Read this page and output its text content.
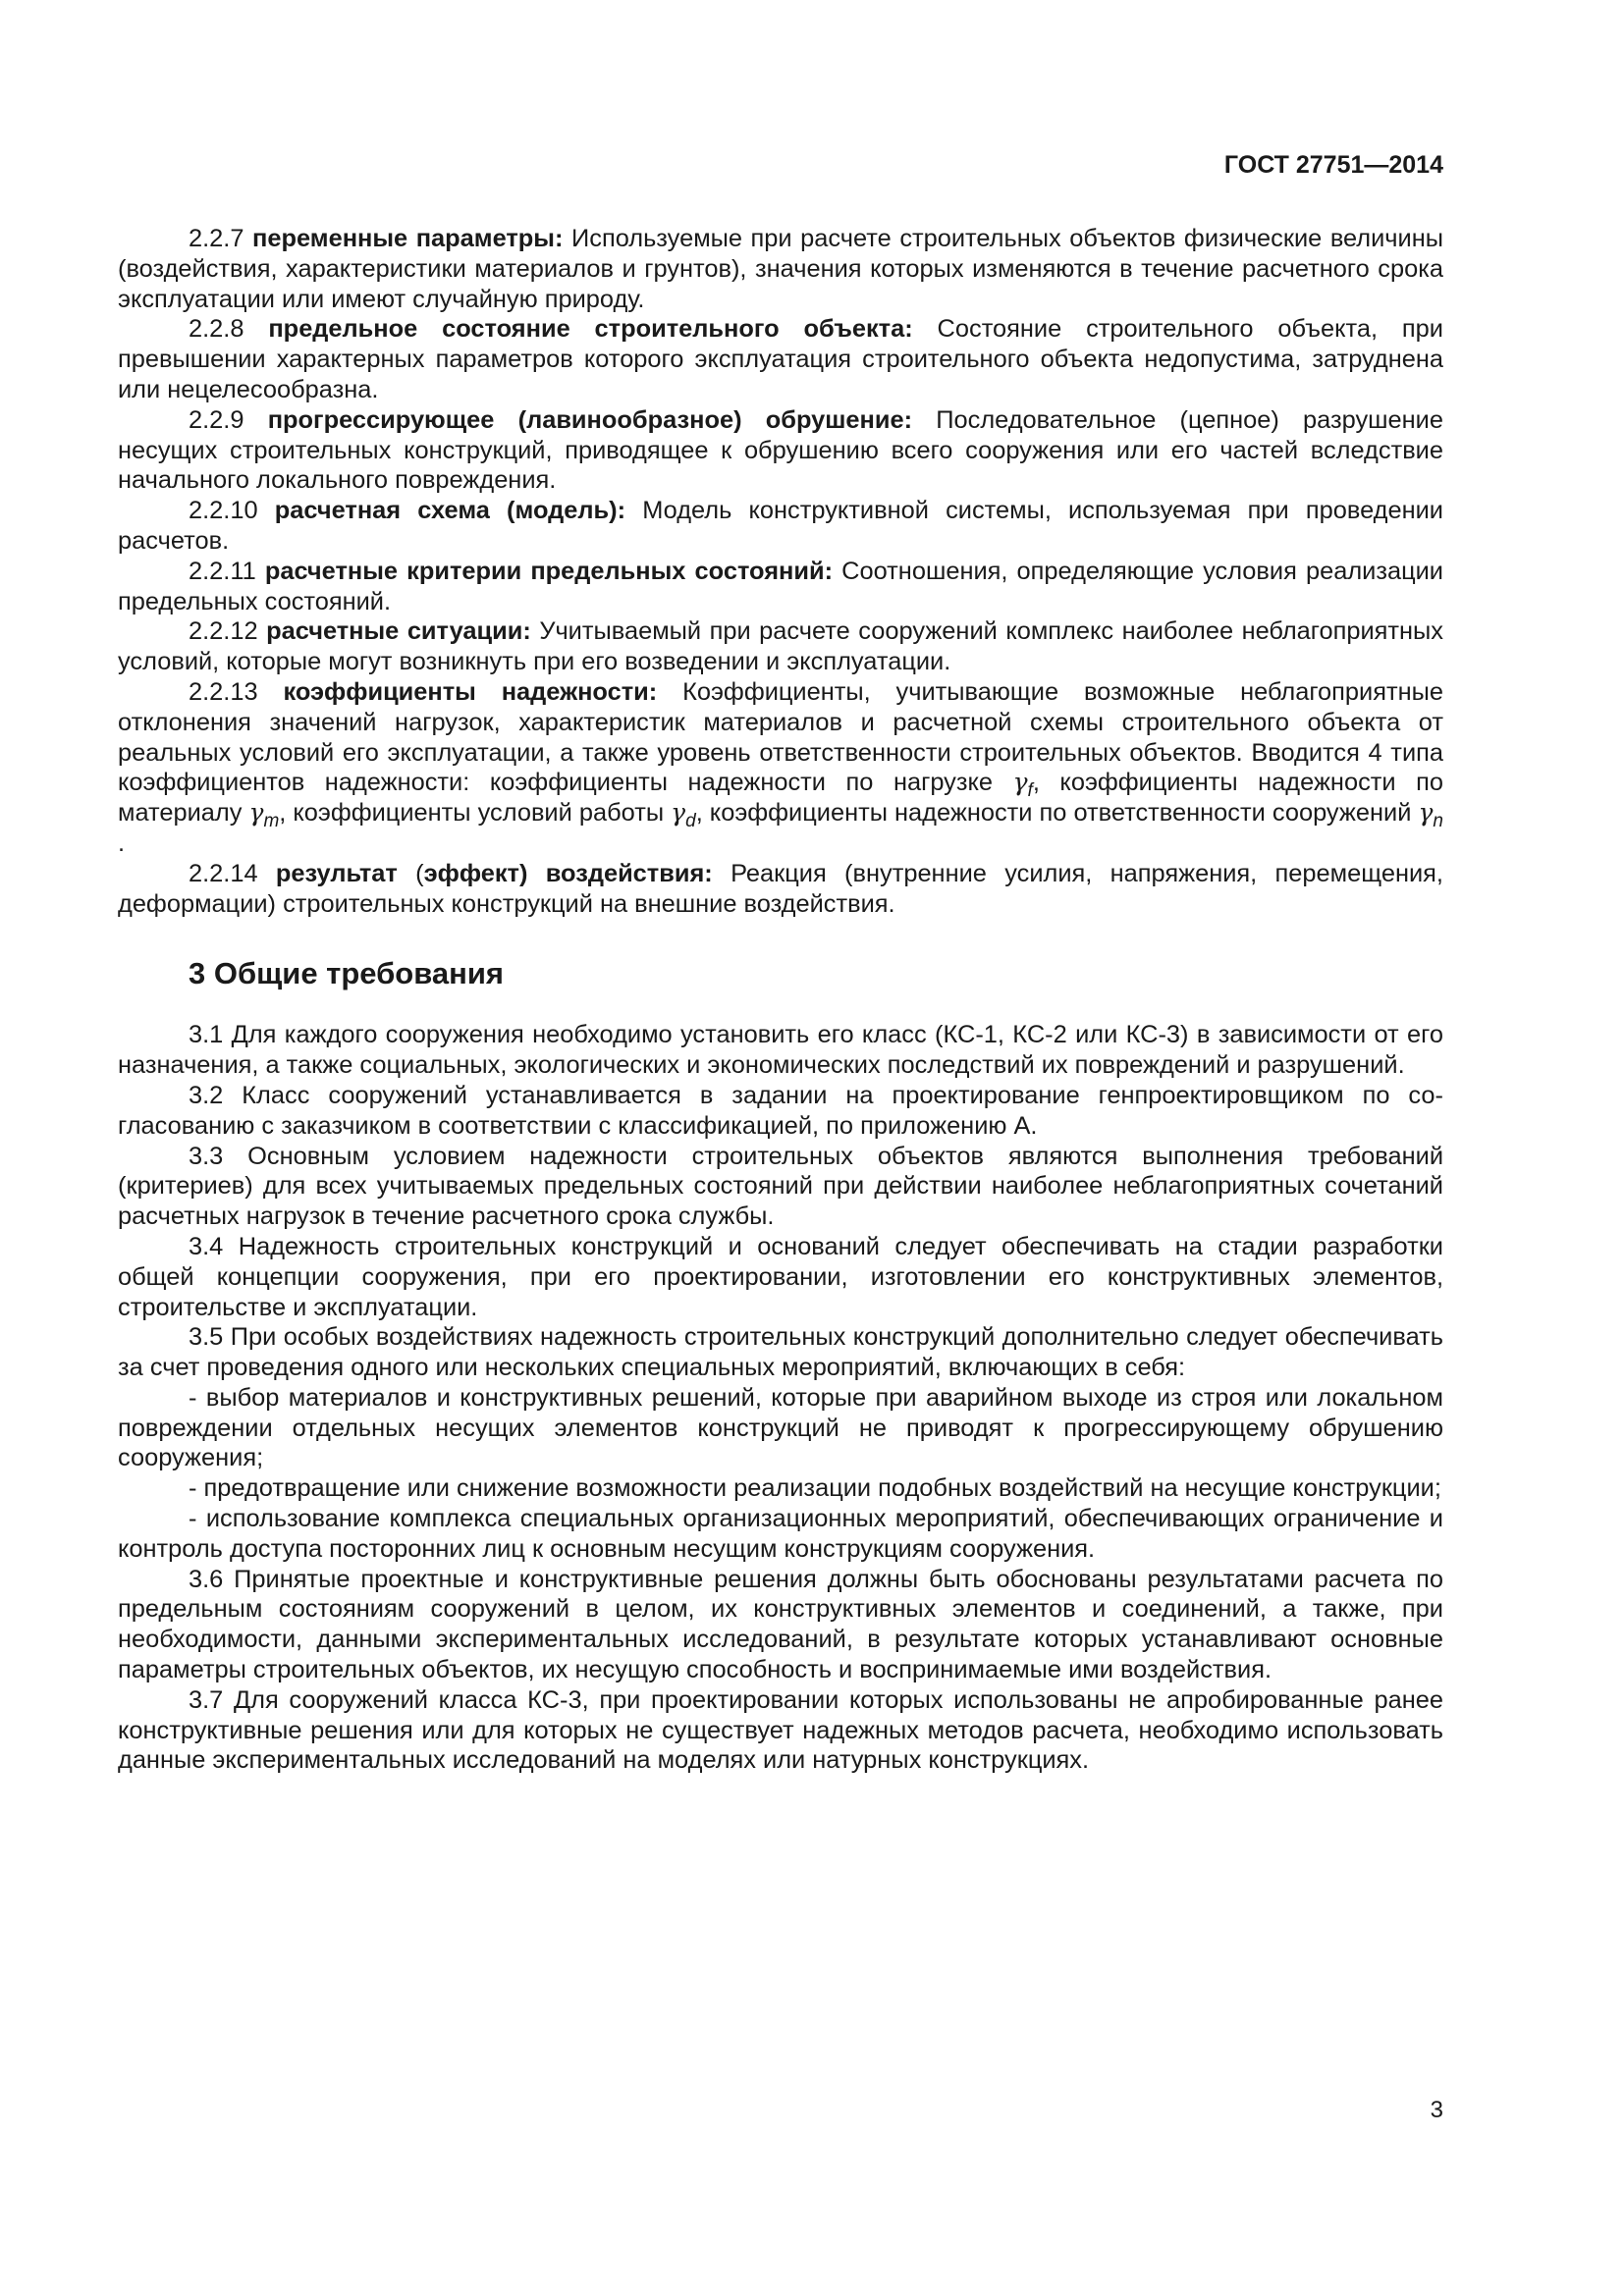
ГОСТ 27751—2014

2.2.7 переменные параметры: Используемые при расчете строительных объектов физические величины (воздействия, характеристики материалов и грунтов), значения которых изменяются в течение расчетного срока эксплуатации или имеют случайную природу.

2.2.8 предельное состояние строительного объекта: Состояние строительного объекта, при превышении характерных параметров которого эксплуатация строительного объекта недопустима, затруднена или нецелесообразна.

2.2.9 прогрессирующее (лавинообразное) обрушение: Последовательное (цепное) разрушение несущих строительных конструкций, приводящее к обрушению всего сооружения или его частей вследствие начального локального повреждения.

2.2.10 расчетная схема (модель): Модель конструктивной системы, используемая при проведении расчетов.

2.2.11 расчетные критерии предельных состояний: Соотношения, определяющие условия реализации предельных состояний.

2.2.12 расчетные ситуации: Учитываемый при расчете сооружений комплекс наиболее неблагоприятных условий, которые могут возникнуть при его возведении и эксплуатации.

2.2.13 коэффициенты надежности: Коэффициенты, учитывающие возможные неблагоприятные отклонения значений нагрузок, характеристик материалов и расчетной схемы строительного объекта от реальных условий его эксплуатации, а также уровень ответственности строительных объектов. Вводится 4 типа коэффициентов надежности: коэффициенты надежности по нагрузке $\gamma_f$, коэффициенты надежности по материалу $\gamma_m$, коэффициенты условий работы $\gamma_d$, коэффициенты надежности по ответственности сооружений $\gamma_n$ .

2.2.14 результат (эффект) воздействия: Реакция (внутренние усилия, напряжения, перемещения, деформации) строительных конструкций на внешние воздействия.

3 Общие требования

3.1 Для каждого сооружения необходимо установить его класс (КС-1, КС-2 или КС-3) в зависимости от его назначения, а также социальных, экологических и экономических последствий их повреждений и разрушений.

3.2 Класс сооружений устанавливается в задании на проектирование генпроектировщиком по согласованию с заказчиком в соответствии с классификацией, по приложению А.

3.3 Основным условием надежности строительных объектов являются выполнения требований (критериев) для всех учитываемых предельных состояний при действии наиболее неблагоприятных сочетаний расчетных нагрузок в течение расчетного срока службы.

3.4 Надежность строительных конструкций и оснований следует обеспечивать на стадии разработки общей концепции сооружения, при его проектировании, изготовлении его конструктивных элементов, строительстве и эксплуатации.

3.5 При особых воздействиях надежность строительных конструкций дополнительно следует обеспечивать за счет проведения одного или нескольких специальных мероприятий, включающих в себя:

- выбор материалов и конструктивных решений, которые при аварийном выходе из строя или локальном повреждении отдельных несущих элементов конструкций не приводят к прогрессирующему обрушению сооружения;

- предотвращение или снижение возможности реализации подобных воздействий на несущие конструкции;

- использование комплекса специальных организационных мероприятий, обеспечивающих ограничение и контроль доступа посторонних лиц к основным несущим конструкциям сооружения.

3.6 Принятые проектные и конструктивные решения должны быть обоснованы результатами расчета по предельным состояниям сооружений в целом, их конструктивных элементов и соединений, а также, при необходимости, данными экспериментальных исследований, в результате которых устанавливают основные параметры строительных объектов, их несущую способность и воспринимаемые ими воздействия.

3.7 Для сооружений класса КС-3, при проектировании которых использованы не апробированные ранее конструктивные решения или для которых не существует надежных методов расчета, необходимо использовать данные экспериментальных исследований на моделях или натурных конструкциях.

3
